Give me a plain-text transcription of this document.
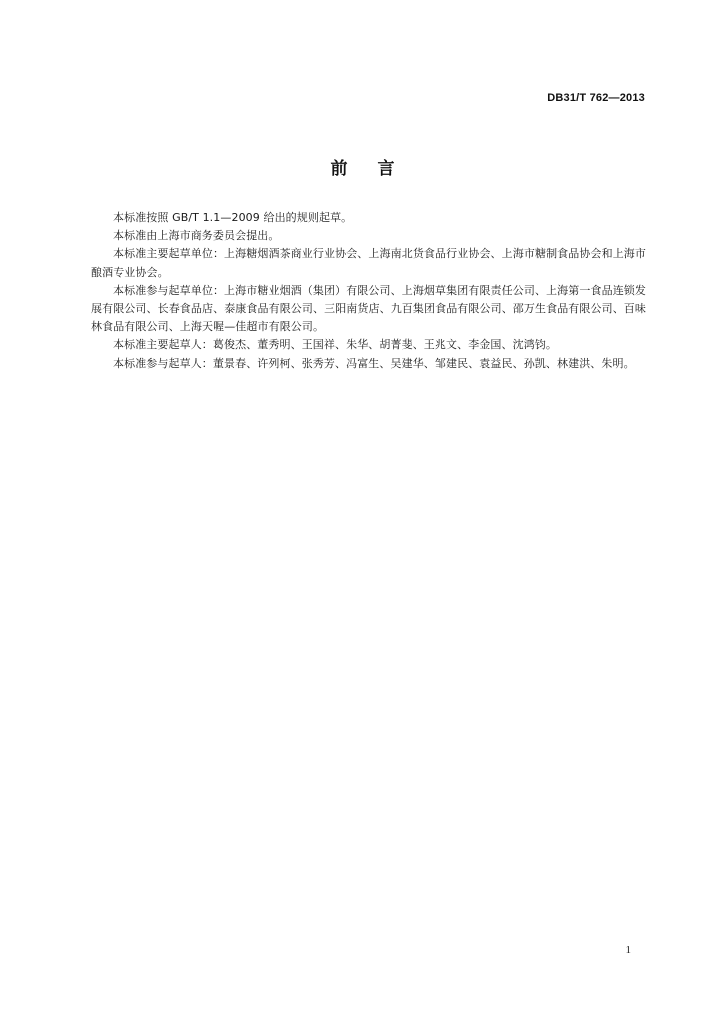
DB31/T 762—2013
前言

本标准按照 GB/T 1.1—2009 给出的规则起草。

本标准由上海市商务委员会提出。

本标准主要起草单位：上海糖烟酒茶商业行业协会、上海南北货食品行业协会、上海市糖制食品协会和上海市酿酒专业协会。

本标准参与起草单位：上海市糖业烟酒（集团）有限公司、上海烟草集团有限责任公司、上海第一食品连锁发展有限公司、长春食品店、泰康食品有限公司、三阳南货店、九百集团食品有限公司、邵万生食品有限公司、百味林食品有限公司、上海天喔—佳超市有限公司。

本标准主要起草人：葛俊杰、董秀明、王国祥、朱华、胡菁斐、王兆文、李金国、沈鸿钧。

本标准参与起草人：董景春、许列柯、张秀芳、冯富生、吴建华、邹建民、袁益民、孙凯、林建洪、朱明。

1
